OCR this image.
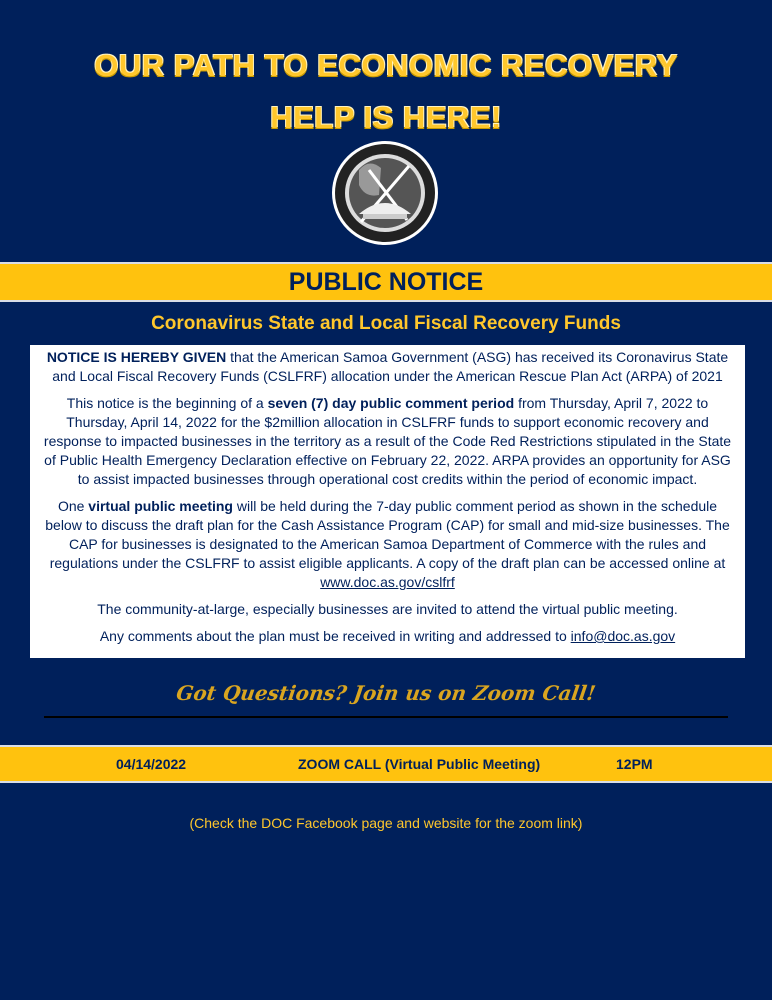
OUR PATH TO ECONOMIC RECOVERY
HELP IS HERE!
PUBLIC NOTICE
Coronavirus State and Local Fiscal Recovery Funds

NOTICE IS HEREBY GIVEN that the American Samoa Government (ASG) has received its Coronavirus State and Local Fiscal Recovery Funds (CSLFRF) allocation under the American Rescue Plan Act (ARPA) of 2021

This notice is the beginning of a seven (7) day public comment period from Thursday, April 7, 2022 to Thursday, April 14, 2022 for the $2million allocation in CSLFRF funds to support economic recovery and response to impacted businesses in the territory as a result of the Code Red Restrictions stipulated in the State of Public Health Emergency Declaration effective on February 22, 2022. ARPA provides an opportunity for ASG to assist impacted businesses through operational cost credits within the period of economic impact.

One virtual public meeting will be held during the 7-day public comment period as shown in the schedule below to discuss the draft plan for the Cash Assistance Program (CAP) for small and mid-size businesses. The CAP for businesses is designated to the American Samoa Department of Commerce with the rules and regulations under the CSLFRF to assist eligible applicants. A copy of the draft plan can be accessed online at www.doc.as.gov/cslfrf

The community-at-large, especially businesses are invited to attend the virtual public meeting.

Any comments about the plan must be received in writing and addressed to info@doc.as.gov

Got Questions? Join us on Zoom Call!
04/14/2022	ZOOM CALL (Virtual Public Meeting)	12PM
(Check the DOC Facebook page and website for the zoom link)
